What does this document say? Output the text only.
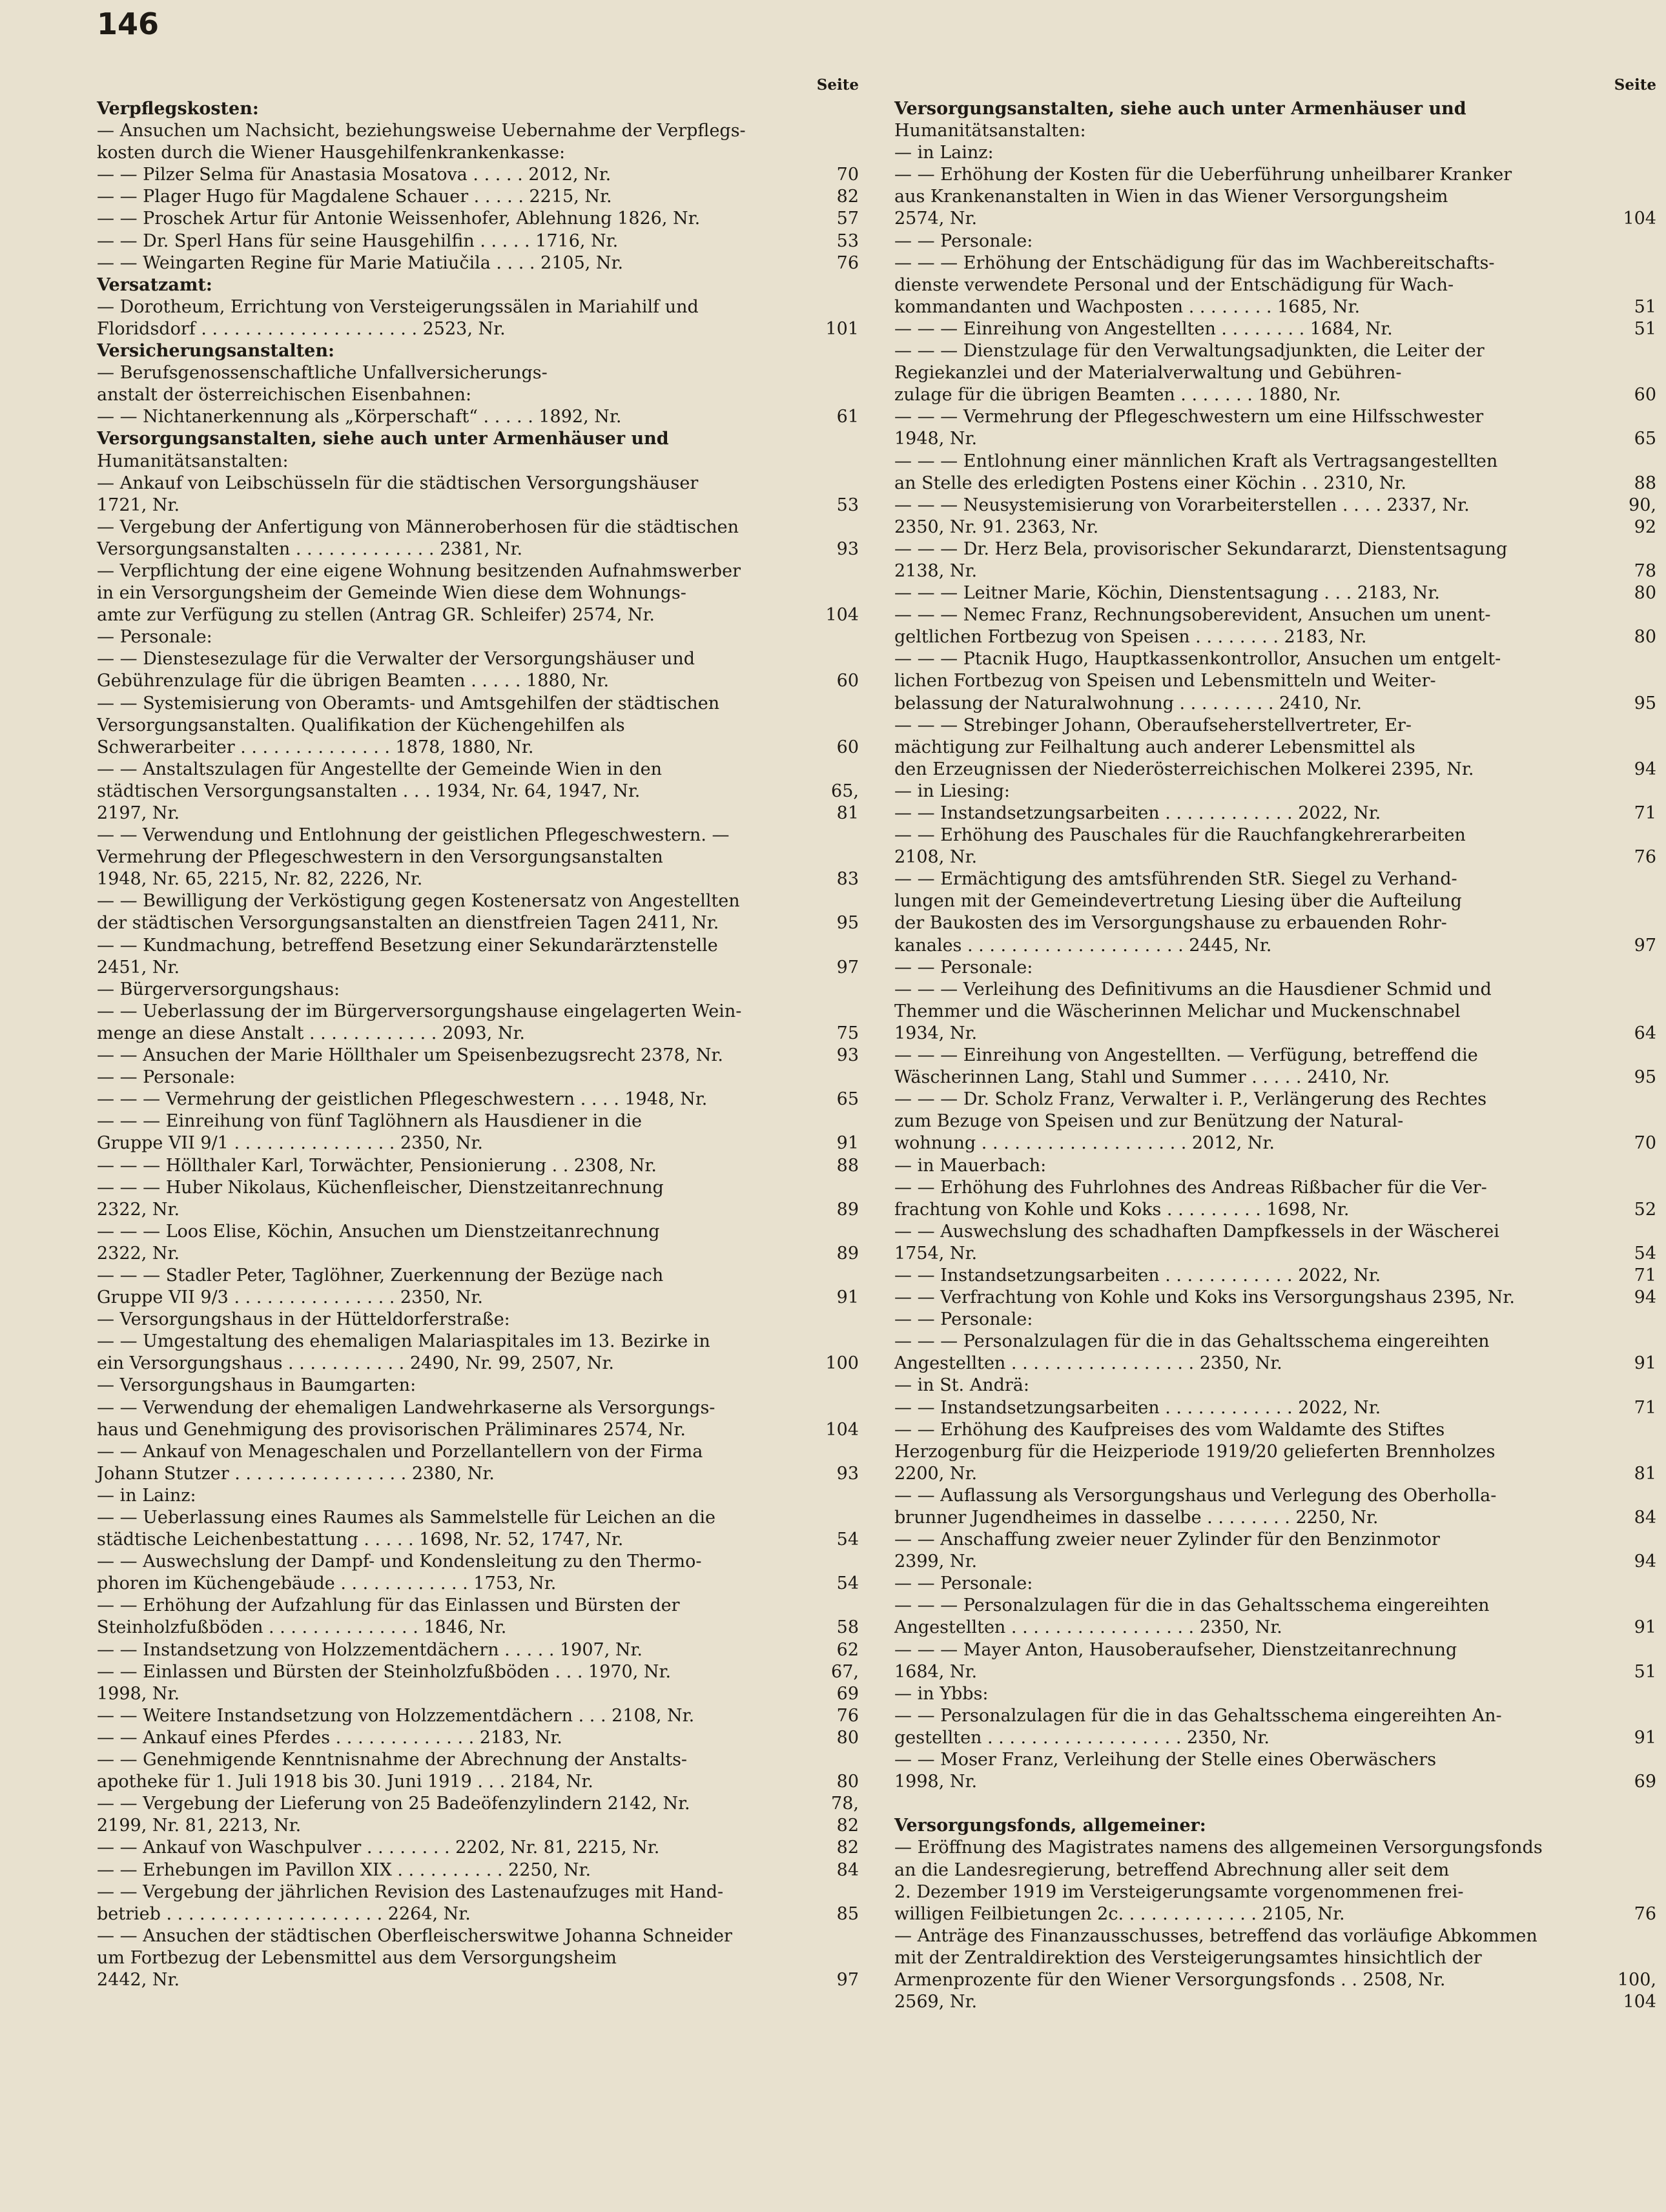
146
Seite
Verpflegskosten:
— Ansuchen um Nachsicht, beziehungsweise Uebernahme der Verpflegs-
kosten durch die Wiener Hausgehilfenkrankenkasse:
— — Pilzer Selma für Anastasia Mosatova . . . . . 2012, Nr.	70
— — Plager Hugo für Magdalene Schauer . . . . . 2215, Nr.	82
— — Proschek Artur für Antonie Weissenhofer, Ablehnung 1826, Nr.	57
— — Dr. Sperl Hans für seine Hausgehilfin . . . . . 1716, Nr.	53
— — Weingarten Regine für Marie Matiučila . . . . 2105, Nr.	76
Versatzamt:
— Dorotheum, Errichtung von Versteigerungssälen in Mariahilf und
Floridsdorf . . . . . . . . . . . . . . . . . . . . 2523, Nr.	101
Versicherungsanstalten:
— Berufsgenossenschaftliche Unfallversicherungs-
anstalt der österreichischen Eisenbahnen:
— — Nichtanerkennung als „Körperschaft“ . . . . . 1892, Nr.	61
Versorgungsanstalten, siehe auch unter Armenhäuser und
Humanitätsanstalten:
— Ankauf von Leibschüsseln für die städtischen Versorgungshäuser
1721, Nr.	53
— Vergebung der Anfertigung von Männeroberhosen für die städtischen
Versorgungsanstalten . . . . . . . . . . . . . 2381, Nr.	93
— Verpflichtung der eine eigene Wohnung besitzenden Aufnahmswerber
in ein Versorgungsheim der Gemeinde Wien diese dem Wohnungs-
amte zur Verfügung zu stellen (Antrag GR. Schleifer) 2574, Nr.	104
— Personale:
— — Dienstesezulage für die Verwalter der Versorgungshäuser und
Gebührenzulage für die übrigen Beamten . . . . . 1880, Nr.	60
— — Systemisierung von Oberamts- und Amtsgehilfen der städtischen
Versorgungsanstalten. Qualifikation der Küchengehilfen als
Schwerarbeiter . . . . . . . . . . . . . . 1878, 1880, Nr.	60
— — Anstaltszulagen für Angestellte der Gemeinde Wien in den
städtischen Versorgungsanstalten . . . 1934, Nr. 64, 1947, Nr.	65,
2197, Nr.	81
— — Verwendung und Entlohnung der geistlichen Pflegeschwestern. —
Vermehrung der Pflegeschwestern in den Versorgungsanstalten
1948, Nr. 65, 2215, Nr. 82, 2226, Nr.	83
— — Bewilligung der Verköstigung gegen Kostenersatz von Angestellten
der städtischen Versorgungsanstalten an dienstfreien Tagen 2411, Nr.	95
— — Kundmachung, betreffend Besetzung einer Sekundarärztenstelle
2451, Nr.	97
— Bürgerversorgungshaus:
— — Ueberlassung der im Bürgerversorgungshause eingelagerten Wein-
menge an diese Anstalt . . . . . . . . . . . . 2093, Nr.	75
— — Ansuchen der Marie Höllthaler um Speisenbezugsrecht 2378, Nr.	93
— — Personale:
— — — Vermehrung der geistlichen Pflegeschwestern . . . . 1948, Nr.	65
— — — Einreihung von fünf Taglöhnern als Hausdiener in die
Gruppe VII 9/1 . . . . . . . . . . . . . . . 2350, Nr.	91
— — — Höllthaler Karl, Torwächter, Pensionierung . . 2308, Nr.	88
— — — Huber Nikolaus, Küchenfleischer, Dienstzeitanrechnung
2322, Nr.	89
— — — Loos Elise, Köchin, Ansuchen um Dienstzeitanrechnung
2322, Nr.	89
— — — Stadler Peter, Taglöhner, Zuerkennung der Bezüge nach
Gruppe VII 9/3 . . . . . . . . . . . . . . . 2350, Nr.	91
— Versorgungshaus in der Hütteldorferstraße:
— — Umgestaltung des ehemaligen Malariaspitales im 13. Bezirke in
ein Versorgungshaus . . . . . . . . . . . 2490, Nr. 99, 2507, Nr.	100
— Versorgungshaus in Baumgarten:
— — Verwendung der ehemaligen Landwehrkaserne als Versorgungs-
haus und Genehmigung des provisorischen Präliminares 2574, Nr.	104
— — Ankauf von Menageschalen und Porzellantellern von der Firma
Johann Stutzer . . . . . . . . . . . . . . . . 2380, Nr.	93
— in Lainz:
— — Ueberlassung eines Raumes als Sammelstelle für Leichen an die
städtische Leichenbestattung . . . . . 1698, Nr. 52, 1747, Nr.	54
— — Auswechslung der Dampf- und Kondensleitung zu den Thermo-
phoren im Küchengebäude . . . . . . . . . . . . 1753, Nr.	54
— — Erhöhung der Aufzahlung für das Einlassen und Bürsten der
Steinholzfußböden . . . . . . . . . . . . . . 1846, Nr.	58
— — Instandsetzung von Holzzementdächern . . . . . 1907, Nr.	62
— — Einlassen und Bürsten der Steinholzfußböden . . . 1970, Nr.	67,
1998, Nr.	69
— — Weitere Instandsetzung von Holzzementdächern . . . 2108, Nr.	76
— — Ankauf eines Pferdes . . . . . . . . . . . . . 2183, Nr.	80
— — Genehmigende Kenntnisnahme der Abrechnung der Anstalts-
apotheke für 1. Juli 1918 bis 30. Juni 1919 . . . 2184, Nr.	80
— — Vergebung der Lieferung von 25 Badeöfenzylindern 2142, Nr.	78,
2199, Nr. 81, 2213, Nr.	82
— — Ankauf von Waschpulver . . . . . . . . 2202, Nr. 81, 2215, Nr.	82
— — Erhebungen im Pavillon XIX . . . . . . . . . . 2250, Nr.	84
— — Vergebung der jährlichen Revision des Lastenaufzuges mit Hand-
betrieb . . . . . . . . . . . . . . . . . . . . 2264, Nr.	85
— — Ansuchen der städtischen Oberfleischerswitwe Johanna Schneider
um Fortbezug der Lebensmittel aus dem Versorgungsheim
2442, Nr.	97
Seite
Versorgungsanstalten, siehe auch unter Armenhäuser und
Humanitätsanstalten:
— in Lainz:
— — Erhöhung der Kosten für die Ueberführung unheilbarer Kranker
aus Krankenanstalten in Wien in das Wiener Versorgungsheim
2574, Nr.	104
— — Personale:
— — — Erhöhung der Entschädigung für das im Wachbereitschafts-
dienste verwendete Personal und der Entschädigung für Wach-
kommandanten und Wachposten . . . . . . . . 1685, Nr.	51
— — — Einreihung von Angestellten . . . . . . . . 1684, Nr.	51
— — — Dienstzulage für den Verwaltungsadjunkten, die Leiter der
Regiekanzlei und der Materialverwaltung und Gebühren-
zulage für die übrigen Beamten . . . . . . . 1880, Nr.	60
— — — Vermehrung der Pflegeschwestern um eine Hilfsschwester
1948, Nr.	65
— — — Entlohnung einer männlichen Kraft als Vertragsangestellten
an Stelle des erledigten Postens einer Köchin . . 2310, Nr.	88
— — — Neusystemisierung von Vorarbeiterstellen . . . . 2337, Nr.	90,
2350, Nr. 91. 2363, Nr.	92
— — — Dr. Herz Bela, provisorischer Sekundararzt, Dienstentsagung
2138, Nr.	78
— — — Leitner Marie, Köchin, Dienstentsagung . . . 2183, Nr.	80
— — — Nemec Franz, Rechnungsoberevident, Ansuchen um unent-
geltlichen Fortbezug von Speisen . . . . . . . . 2183, Nr.	80
— — — Ptacnik Hugo, Hauptkassenkontrollor, Ansuchen um entgelt-
lichen Fortbezug von Speisen und Lebensmitteln und Weiter-
belassung der Naturalwohnung . . . . . . . . . 2410, Nr.	95
— — — Strebinger Johann, Oberaufseherstellvertreter, Er-
mächtigung zur Feilhaltung auch anderer Lebensmittel als
den Erzeugnissen der Niederösterreichischen Molkerei 2395, Nr.	94
— in Liesing:
— — Instandsetzungsarbeiten . . . . . . . . . . . . 2022, Nr.	71
— — Erhöhung des Pauschales für die Rauchfangkehrerarbeiten
2108, Nr.	76
— — Ermächtigung des amtsführenden StR. Siegel zu Verhand-
lungen mit der Gemeindevertretung Liesing über die Aufteilung
der Baukosten des im Versorgungshause zu erbauenden Rohr-
kanales . . . . . . . . . . . . . . . . . . . . 2445, Nr.	97
— — Personale:
— — — Verleihung des Definitivums an die Hausdiener Schmid und
Themmer und die Wäscherinnen Melichar und Muckenschnabel
1934, Nr.	64
— — — Einreihung von Angestellten. — Verfügung, betreffend die
Wäscherinnen Lang, Stahl und Summer . . . . . 2410, Nr.	95
— — — Dr. Scholz Franz, Verwalter i. P., Verlängerung des Rechtes
zum Bezuge von Speisen und zur Benützung der Natural-
wohnung . . . . . . . . . . . . . . . . . . . 2012, Nr.	70
— in Mauerbach:
— — Erhöhung des Fuhrlohnes des Andreas Rißbacher für die Ver-
frachtung von Kohle und Koks . . . . . . . . . 1698, Nr.	52
— — Auswechslung des schadhaften Dampfkessels in der Wäscherei
1754, Nr.	54
— — Instandsetzungsarbeiten . . . . . . . . . . . . 2022, Nr.	71
— — Verfrachtung von Kohle und Koks ins Versorgungshaus 2395, Nr.	94
— — Personale:
— — — Personalzulagen für die in das Gehaltsschema eingereihten
Angestellten . . . . . . . . . . . . . . . . . 2350, Nr.	91
— in St. Andrä:
— — Instandsetzungsarbeiten . . . . . . . . . . . . 2022, Nr.	71
— — Erhöhung des Kaufpreises des vom Waldamte des Stiftes
Herzogenburg für die Heizperiode 1919/20 gelieferten Brennholzes
2200, Nr.	81
— — Auflassung als Versorgungshaus und Verlegung des Oberholla-
brunner Jugendheimes in dasselbe . . . . . . . . 2250, Nr.	84
— — Anschaffung zweier neuer Zylinder für den Benzinmotor
2399, Nr.	94
— — Personale:
— — — Personalzulagen für die in das Gehaltsschema eingereihten
Angestellten . . . . . . . . . . . . . . . . . 2350, Nr.	91
— — — Mayer Anton, Hausoberaufseher, Dienstzeitanrechnung
1684, Nr.	51
— in Ybbs:
— — Personalzulagen für die in das Gehaltsschema eingereihten An-
gestellten . . . . . . . . . . . . . . . . . . 2350, Nr.	91
— — Moser Franz, Verleihung der Stelle eines Oberwäschers
1998, Nr.	69
Versorgungsfonds, allgemeiner:
— Eröffnung des Magistrates namens des allgemeinen Versorgungsfonds
an die Landesregierung, betreffend Abrechnung aller seit dem
2. Dezember 1919 im Versteigerungsamte vorgenommenen frei-
willigen Feilbietungen 2c. . . . . . . . . . . . . 2105, Nr.	76
— Anträge des Finanzausschusses, betreffend das vorläufige Abkommen
mit der Zentraldirektion des Versteigerungsamtes hinsichtlich der
Armenprozente für den Wiener Versorgungsfonds . . 2508, Nr.	100,
2569, Nr.	104
